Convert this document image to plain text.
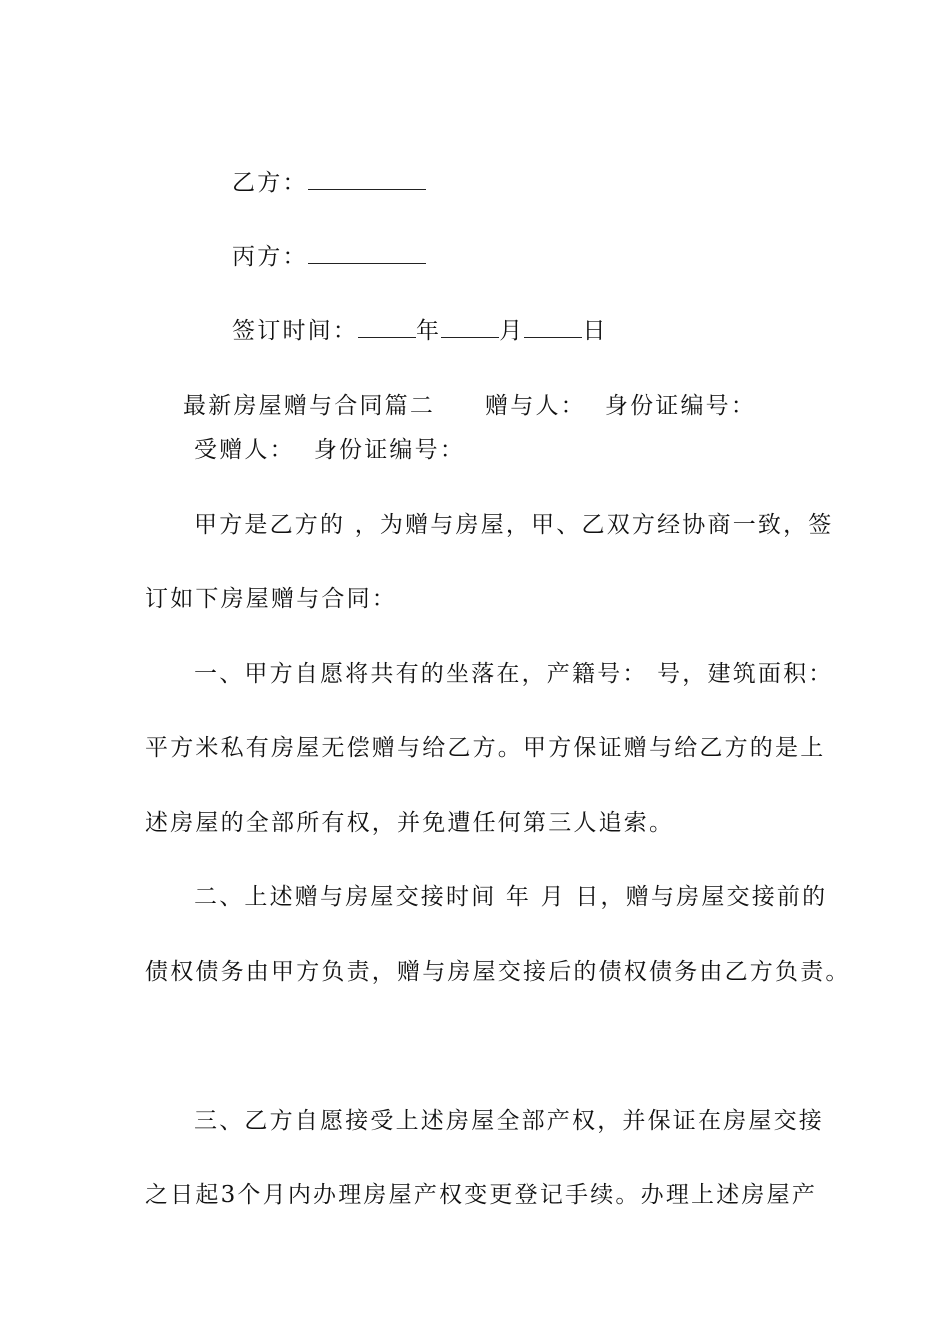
乙方：

丙方：

签订时间：	年	月	日

最新房屋赠与合同篇二 赠与人：  身份证编号：

受赠人：  身份证编号：
甲方是乙方的 ，为赠与房屋，甲、乙双方经协商一致，签
订如下房屋赠与合同：
一、甲方自愿将共有的坐落在，产籍号： 号，建筑面积：
平方米私有房屋无偿赠与给乙方。甲方保证赠与给乙方的是上
述房屋的全部所有权，并免遭任何第三人追索。
二、上述赠与房屋交接时间 年 月 日，赠与房屋交接前的
债权债务由甲方负责，赠与房屋交接后的债权债务由乙方负责。
三、乙方自愿接受上述房屋全部产权，并保证在房屋交接
之日起3个月内办理房屋产权变更登记手续。办理上述房屋产
